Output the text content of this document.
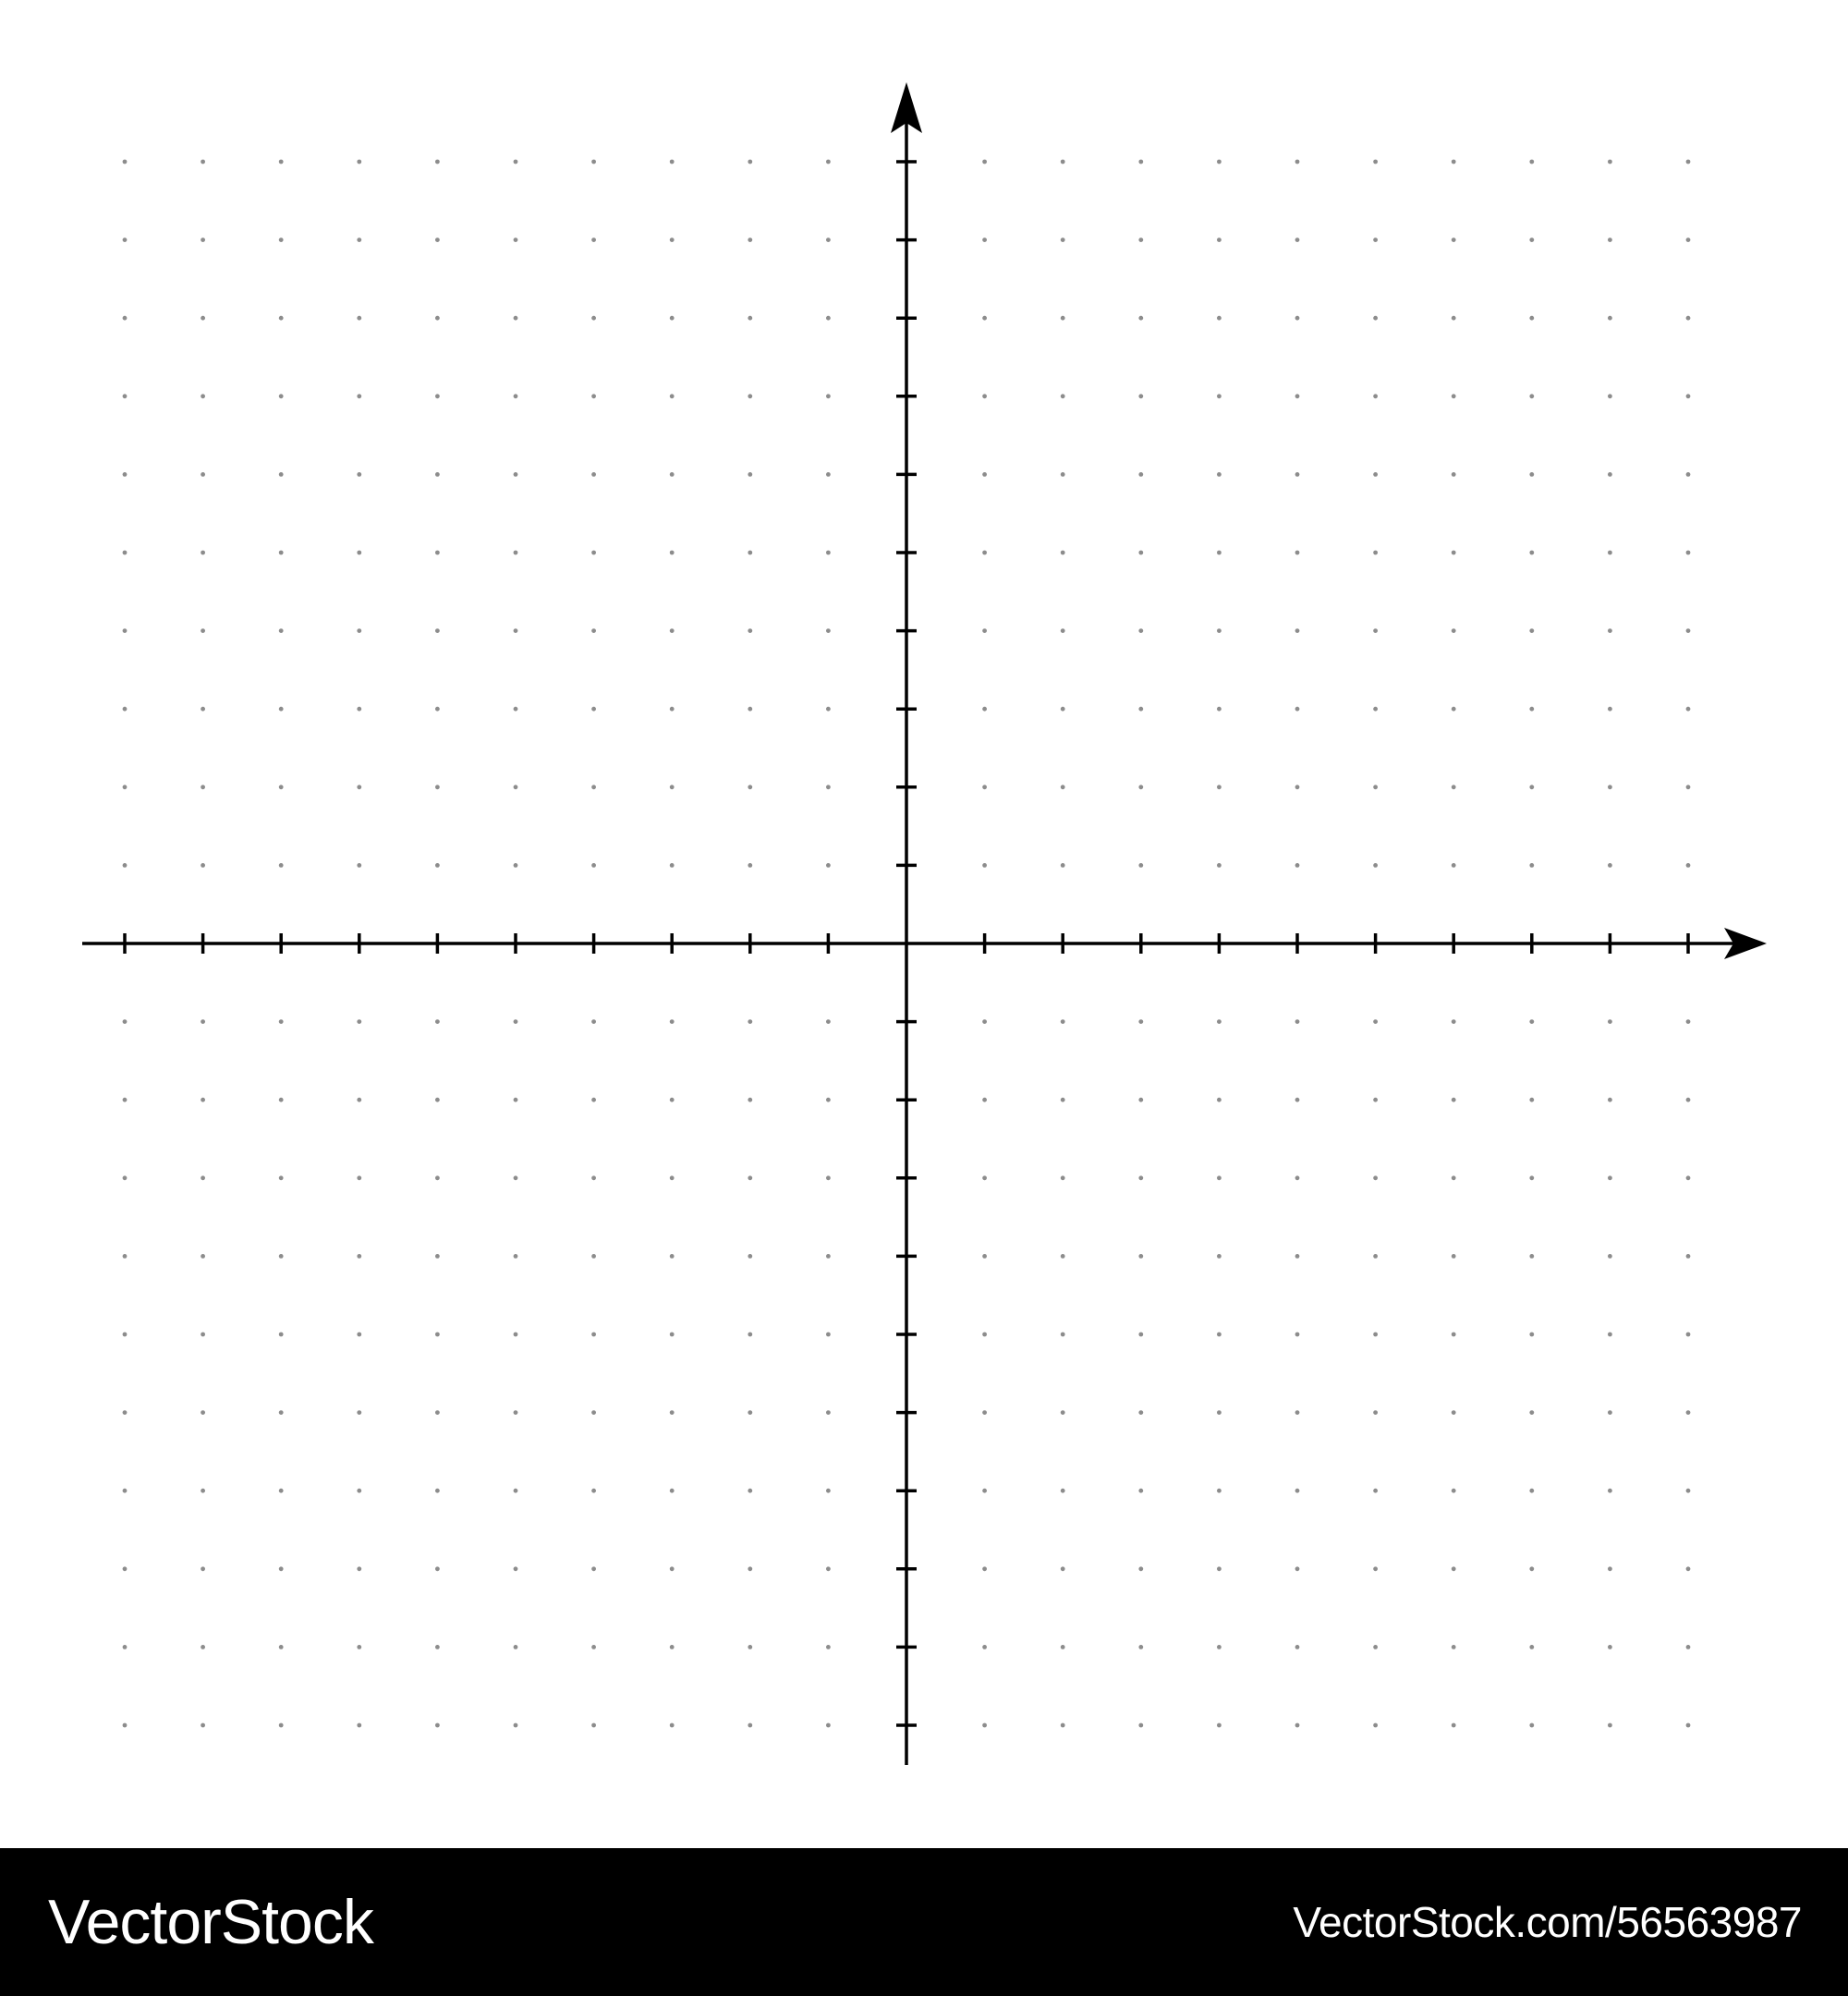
VectorStock	VectorStock.com/56563987
